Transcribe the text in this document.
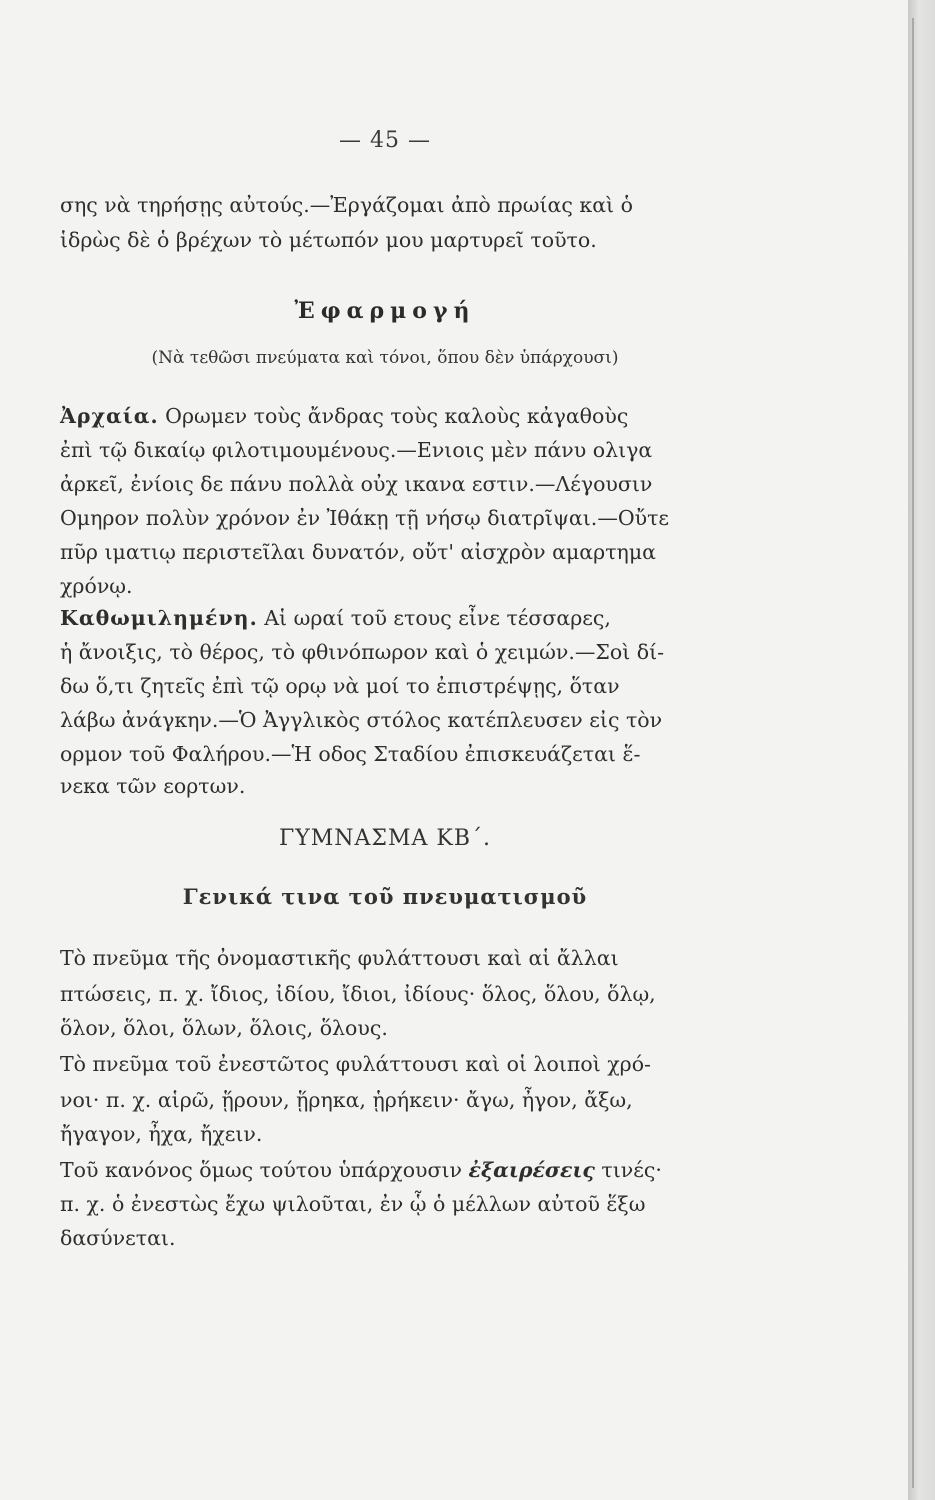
— 45 —
σης νὰ τηρήσῃς αὐτούς.—Ἐργάζομαι ἀπὸ πρωίας καὶ ὁ
ἱδρὼς δὲ ὁ βρέχων τὸ μέτωπόν μου μαρτυρεῖ τοῦτο.
Ἐφαρμογή
(Νὰ τεθῶσι πνεύματα καὶ τόνοι, ὅπου δὲν ὑπάρχουσι)
Ἀρχαία. Ορωμεν τοὺς ἄνδρας τοὺς καλοὺς κἀγαθοὺς
ἐπὶ τῷ δικαίῳ φιλοτιμουμένους.—Ενιοις μὲν πάνυ ολιγα
ἀρκεῖ, ἐνίοις δε πάνυ πολλὰ οὐχ ικανα εστιν.—Λέγουσιν
Ομηρον πολὺν χρόνον ἐν Ἰθάκῃ τῇ νήσῳ διατρῖψαι.—Οὔτε
πῦρ ιματιῳ περιστεῖλαι δυνατόν, οὔτ' αἰσχρὸν αμαρτημα
χρόνῳ.
Καθωμιλημένη. Αἱ ωραί τοῦ ετους εἶνε τέσσαρες,
ἡ ἄνοιξις, τὸ θέρος, τὸ φθινόπωρον καὶ ὁ χειμών.—Σοὶ δί-
δω ὅ,τι ζητεῖς ἐπὶ τῷ ορῳ νὰ μοί το ἐπιστρέψῃς, ὅταν
λάβω ἀνάγκην.—Ὁ Ἀγγλικὸς στόλος κατέπλευσεν εἰς τὸν
ορμον τοῦ Φαλήρου.—Ἡ οδος Σταδίου ἐπισκευάζεται ἕ-
νεκα τῶν εορτων.
ΓΥΜΝΑΣΜΑ ΚΒ΄.
Γενικά τινα τοῦ πνευματισμοῦ
Τὸ πνεῦμα τῆς ὀνομαστικῆς φυλάττουσι καὶ αἱ ἄλλαι
πτώσεις, π. χ. ἴδιος, ἰδίου, ἴδιοι, ἰδίους· ὅλος, ὅλου, ὅλῳ,
ὅλον, ὅλοι, ὅλων, ὅλοις, ὅλους.
Τὸ πνεῦμα τοῦ ἐνεστῶτος φυλάττουσι καὶ οἱ λοιποὶ χρό-
νοι· π. χ. αἱρῶ, ᾕρουν, ᾕρηκα, ᾑρήκειν· ἄγω, ἦγον, ἄξω,
ἤγαγον, ἦχα, ἤχειν.
Τοῦ κανόνος ὅμως τούτου ὑπάρχουσιν ἐξαιρέσεις τινές·
π. χ. ὁ ἐνεστὼς ἔχω ψιλοῦται, ἐν ᾧ ὁ μέλλων αὐτοῦ ἕξω
δασύνεται.
